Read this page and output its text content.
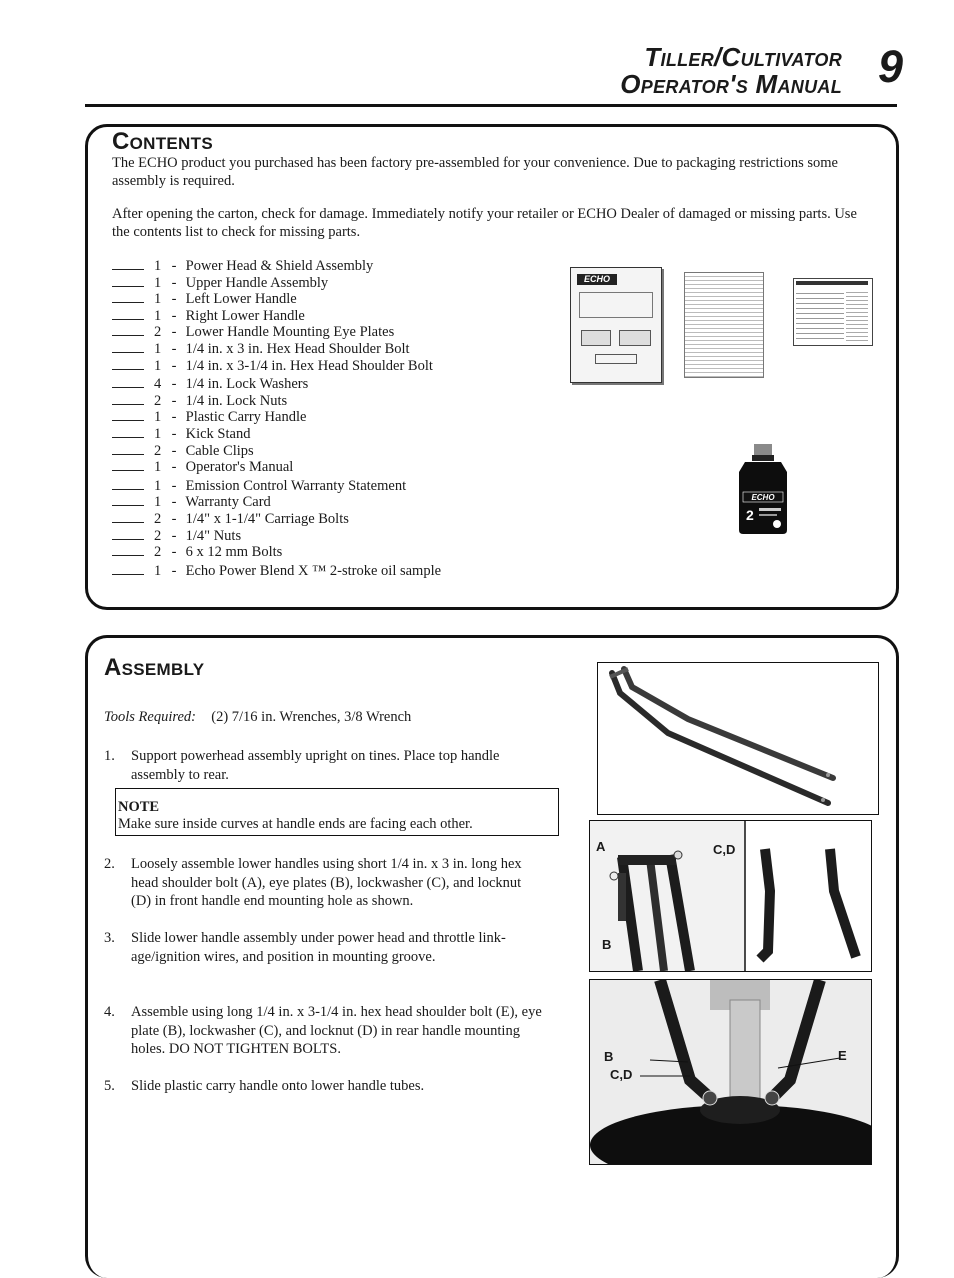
Tiller/Cultivator
Operator's Manual 9
Contents
The ECHO product you purchased has been factory pre-assembled for your convenience. Due to packaging restrictions some assembly is required.
After opening the carton, check for damage. Immediately notify your retailer or ECHO Dealer of damaged or missing parts. Use the contents list to check for missing parts.
1 - Power Head & Shield Assembly
1 - Upper Handle Assembly
1 - Left Lower Handle
1 - Right Lower Handle
2 - Lower Handle Mounting Eye Plates
1 - 1/4 in. x 3 in. Hex Head Shoulder Bolt
1 - 1/4 in. x 3-1/4 in. Hex Head Shoulder Bolt
4 - 1/4 in. Lock Washers
2 - 1/4 in. Lock Nuts
1 - Plastic Carry Handle
1 - Kick Stand
2 - Cable Clips
1 - Operator's Manual
1 - Emission Control Warranty Statement
1 - Warranty Card
2 - 1/4" x 1-1/4" Carriage Bolts
2 - 1/4" Nuts
2 - 6 x 12 mm Bolts
1 - Echo Power Blend X ™ 2-stroke oil sample
ECHO
ECHO
2
Assembly
Tools Required: (2) 7/16 in. Wrenches, 3/8 Wrench
1. Support powerhead assembly upright on tines. Place top handle assembly to rear.
NOTE
Make sure inside curves at handle ends are facing each other.
2. Loosely assemble lower handles using short 1/4 in. x 3 in. long hex head shoulder bolt (A), eye plates (B), lockwasher (C), and locknut (D) in front handle end mounting hole as shown.
3. Slide lower handle assembly under power head and throttle link-age/ignition wires, and position in mounting groove.
4. Assemble using long 1/4 in. x 3-1/4 in. hex head shoulder bolt (E), eye plate (B), lockwasher (C), and locknut (D) in rear handle mounting holes. DO NOT TIGHTEN BOLTS.
5. Slide plastic carry handle onto lower handle tubes.
A	C,D
B
B
C,D
E
